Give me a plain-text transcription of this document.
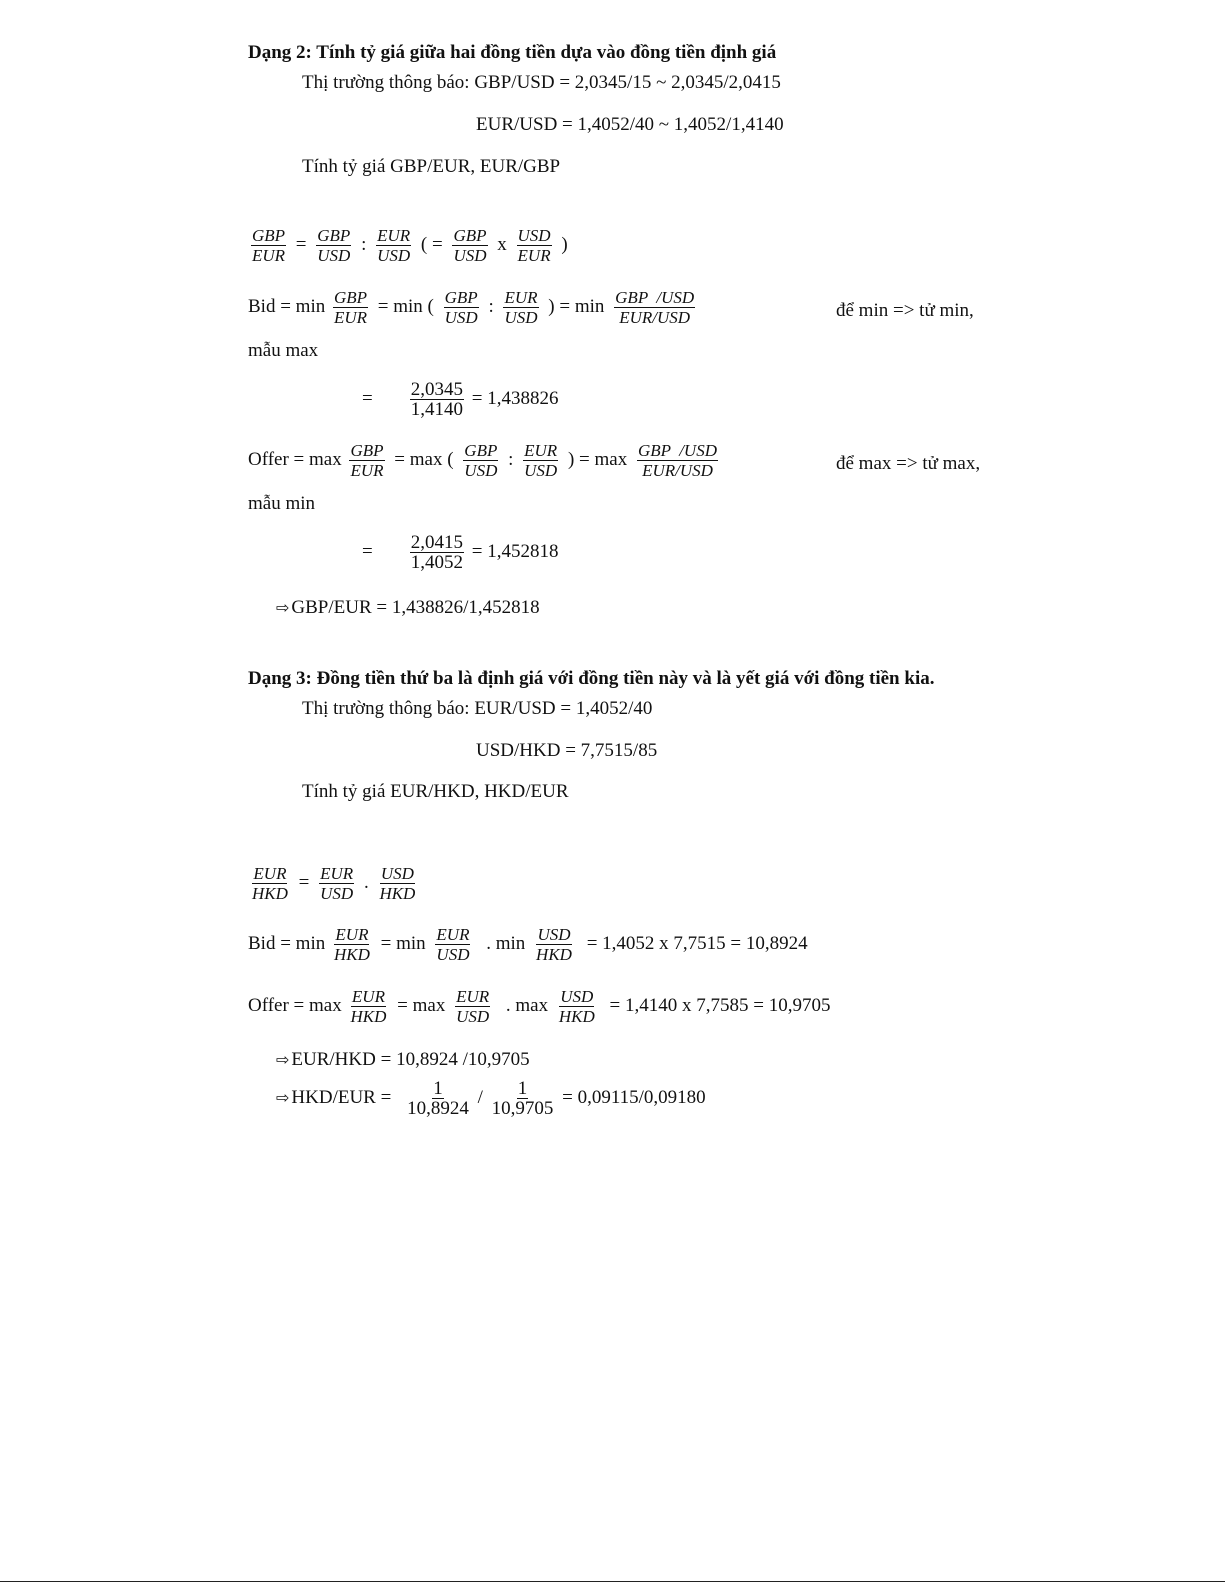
Dạng 2: Tính tỷ giá giữa hai đồng tiền dựa vào đồng tiền định giá
Thị trường thông báo: GBP/USD = 2,0345/15 ~ 2,0345/2,0415
EUR/USD = 1,4052/40 ~ 1,4052/1,4140
Tính tỷ giá GBP/EUR, EUR/GBP
GBP
EUR
= GBP
USD
: EUR
USD
( = GBP
USD
x USD
EUR
)
Bid = min GBP
EUR
= min ( GBP
USD
: EUR
USD
) = min GBP  /USD
EUR/USD	để min => tử min,
mẫu max
= $\frac{2,0345}{1,4140} = 1,438826$
Offer = max GBP
EUR
= max ( GBP
USD
: EUR
USD
) = max GBP  /USD
EUR/USD	để max => tử max,
mẫu min
= $\frac{2,0415}{1,4052} = 1,452818$
⇨ GBP/EUR = 1,438826/1,452818
Dạng 3: Đồng tiền thứ ba là định giá với đồng tiền này và là yết giá với đồng tiền kia.
Thị trường thông báo: EUR/USD = 1,4052/40
USD/HKD = 7,7515/85
Tính tỷ giá EUR/HKD, HKD/EUR
EUR
HKD
= EUR
USD
. USD
HKD
Bid = min EUR
HKD
= min EUR
USD
. min USD
HKD
= 1,4052 x 7,7515 = 10,8924
Offer = max EUR
HKD
= max EUR
USD
. max USD
HKD
= 1,4140 x 7,7585 = 10,9705
⇨ EUR/HKD = 10,8924 /10,9705
⇨ $HKD/EUR = \frac{1}{10,8924} / \frac{1}{10,9705} = 0,09115/0,09180$
